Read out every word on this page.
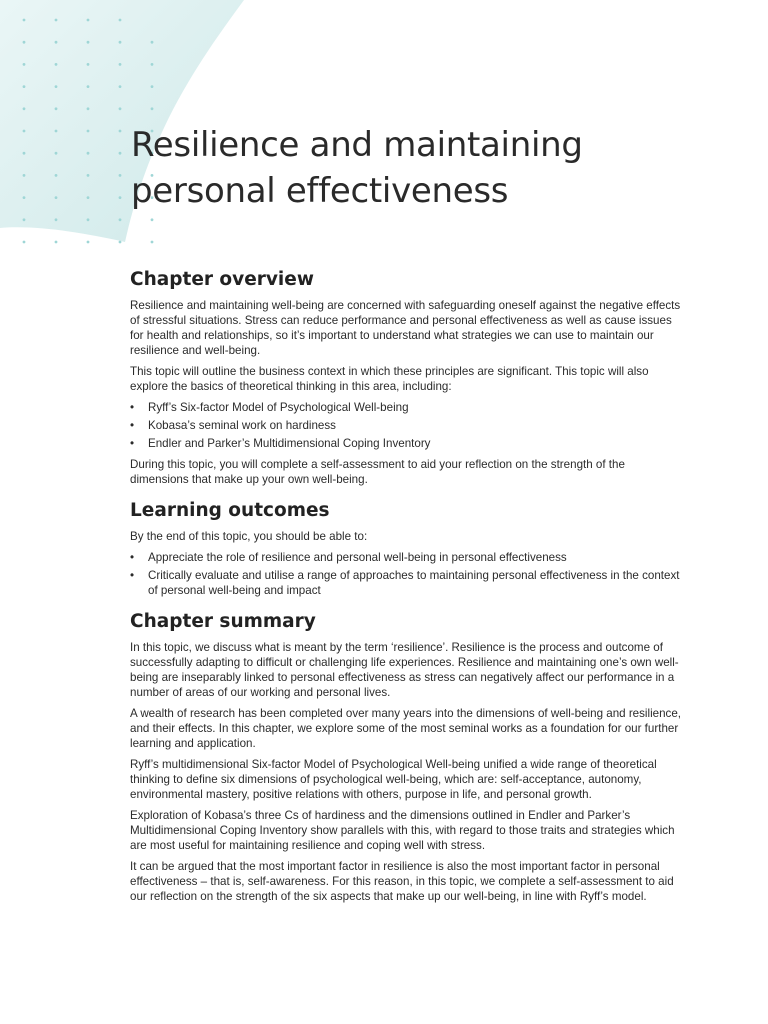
Resilience and maintaining
personal effectiveness
Chapter overview

Resilience and maintaining well-being are concerned with safeguarding oneself against the negative effects of stressful situations. Stress can reduce performance and personal effectiveness as well as cause issues for health and relationships, so it’s important to understand what strategies we can use to maintain our resilience and well-being.

This topic will outline the business context in which these principles are significant. This topic will also explore the basics of theoretical thinking in this area, including:

• Ryff’s Six-factor Model of Psychological Well-being
• Kobasa’s seminal work on hardiness
• Endler and Parker’s Multidimensional Coping Inventory

During this topic, you will complete a self-assessment to aid your reflection on the strength of the dimensions that make up your own well-being.

Learning outcomes

By the end of this topic, you should be able to:

• Appreciate the role of resilience and personal well-being in personal effectiveness
• Critically evaluate and utilise a range of approaches to maintaining personal effectiveness in the context of personal well-being and impact
Chapter summary

In this topic, we discuss what is meant by the term ‘resilience’. Resilience is the process and outcome of successfully adapting to difficult or challenging life experiences. Resilience and maintaining one’s own well-being are inseparably linked to personal effectiveness as stress can negatively affect our performance in a number of areas of our working and personal lives.

A wealth of research has been completed over many years into the dimensions of well-being and resilience, and their effects. In this chapter, we explore some of the most seminal works as a foundation for our further learning and application.

Ryff’s multidimensional Six-factor Model of Psychological Well-being unified a wide range of theoretical thinking to define six dimensions of psychological well-being, which are: self-acceptance, autonomy, environmental mastery, positive relations with others, purpose in life, and personal growth.

Exploration of Kobasa’s three Cs of hardiness and the dimensions outlined in Endler and Parker’s Multidimensional Coping Inventory show parallels with this, with regard to those traits and strategies which are most useful for maintaining resilience and coping well with stress.

It can be argued that the most important factor in resilience is also the most important factor in personal effectiveness – that is, self-awareness. For this reason, in this topic, we complete a self-assessment to aid our reflection on the strength of the six aspects that make up our well-being, in line with Ryff’s model.
